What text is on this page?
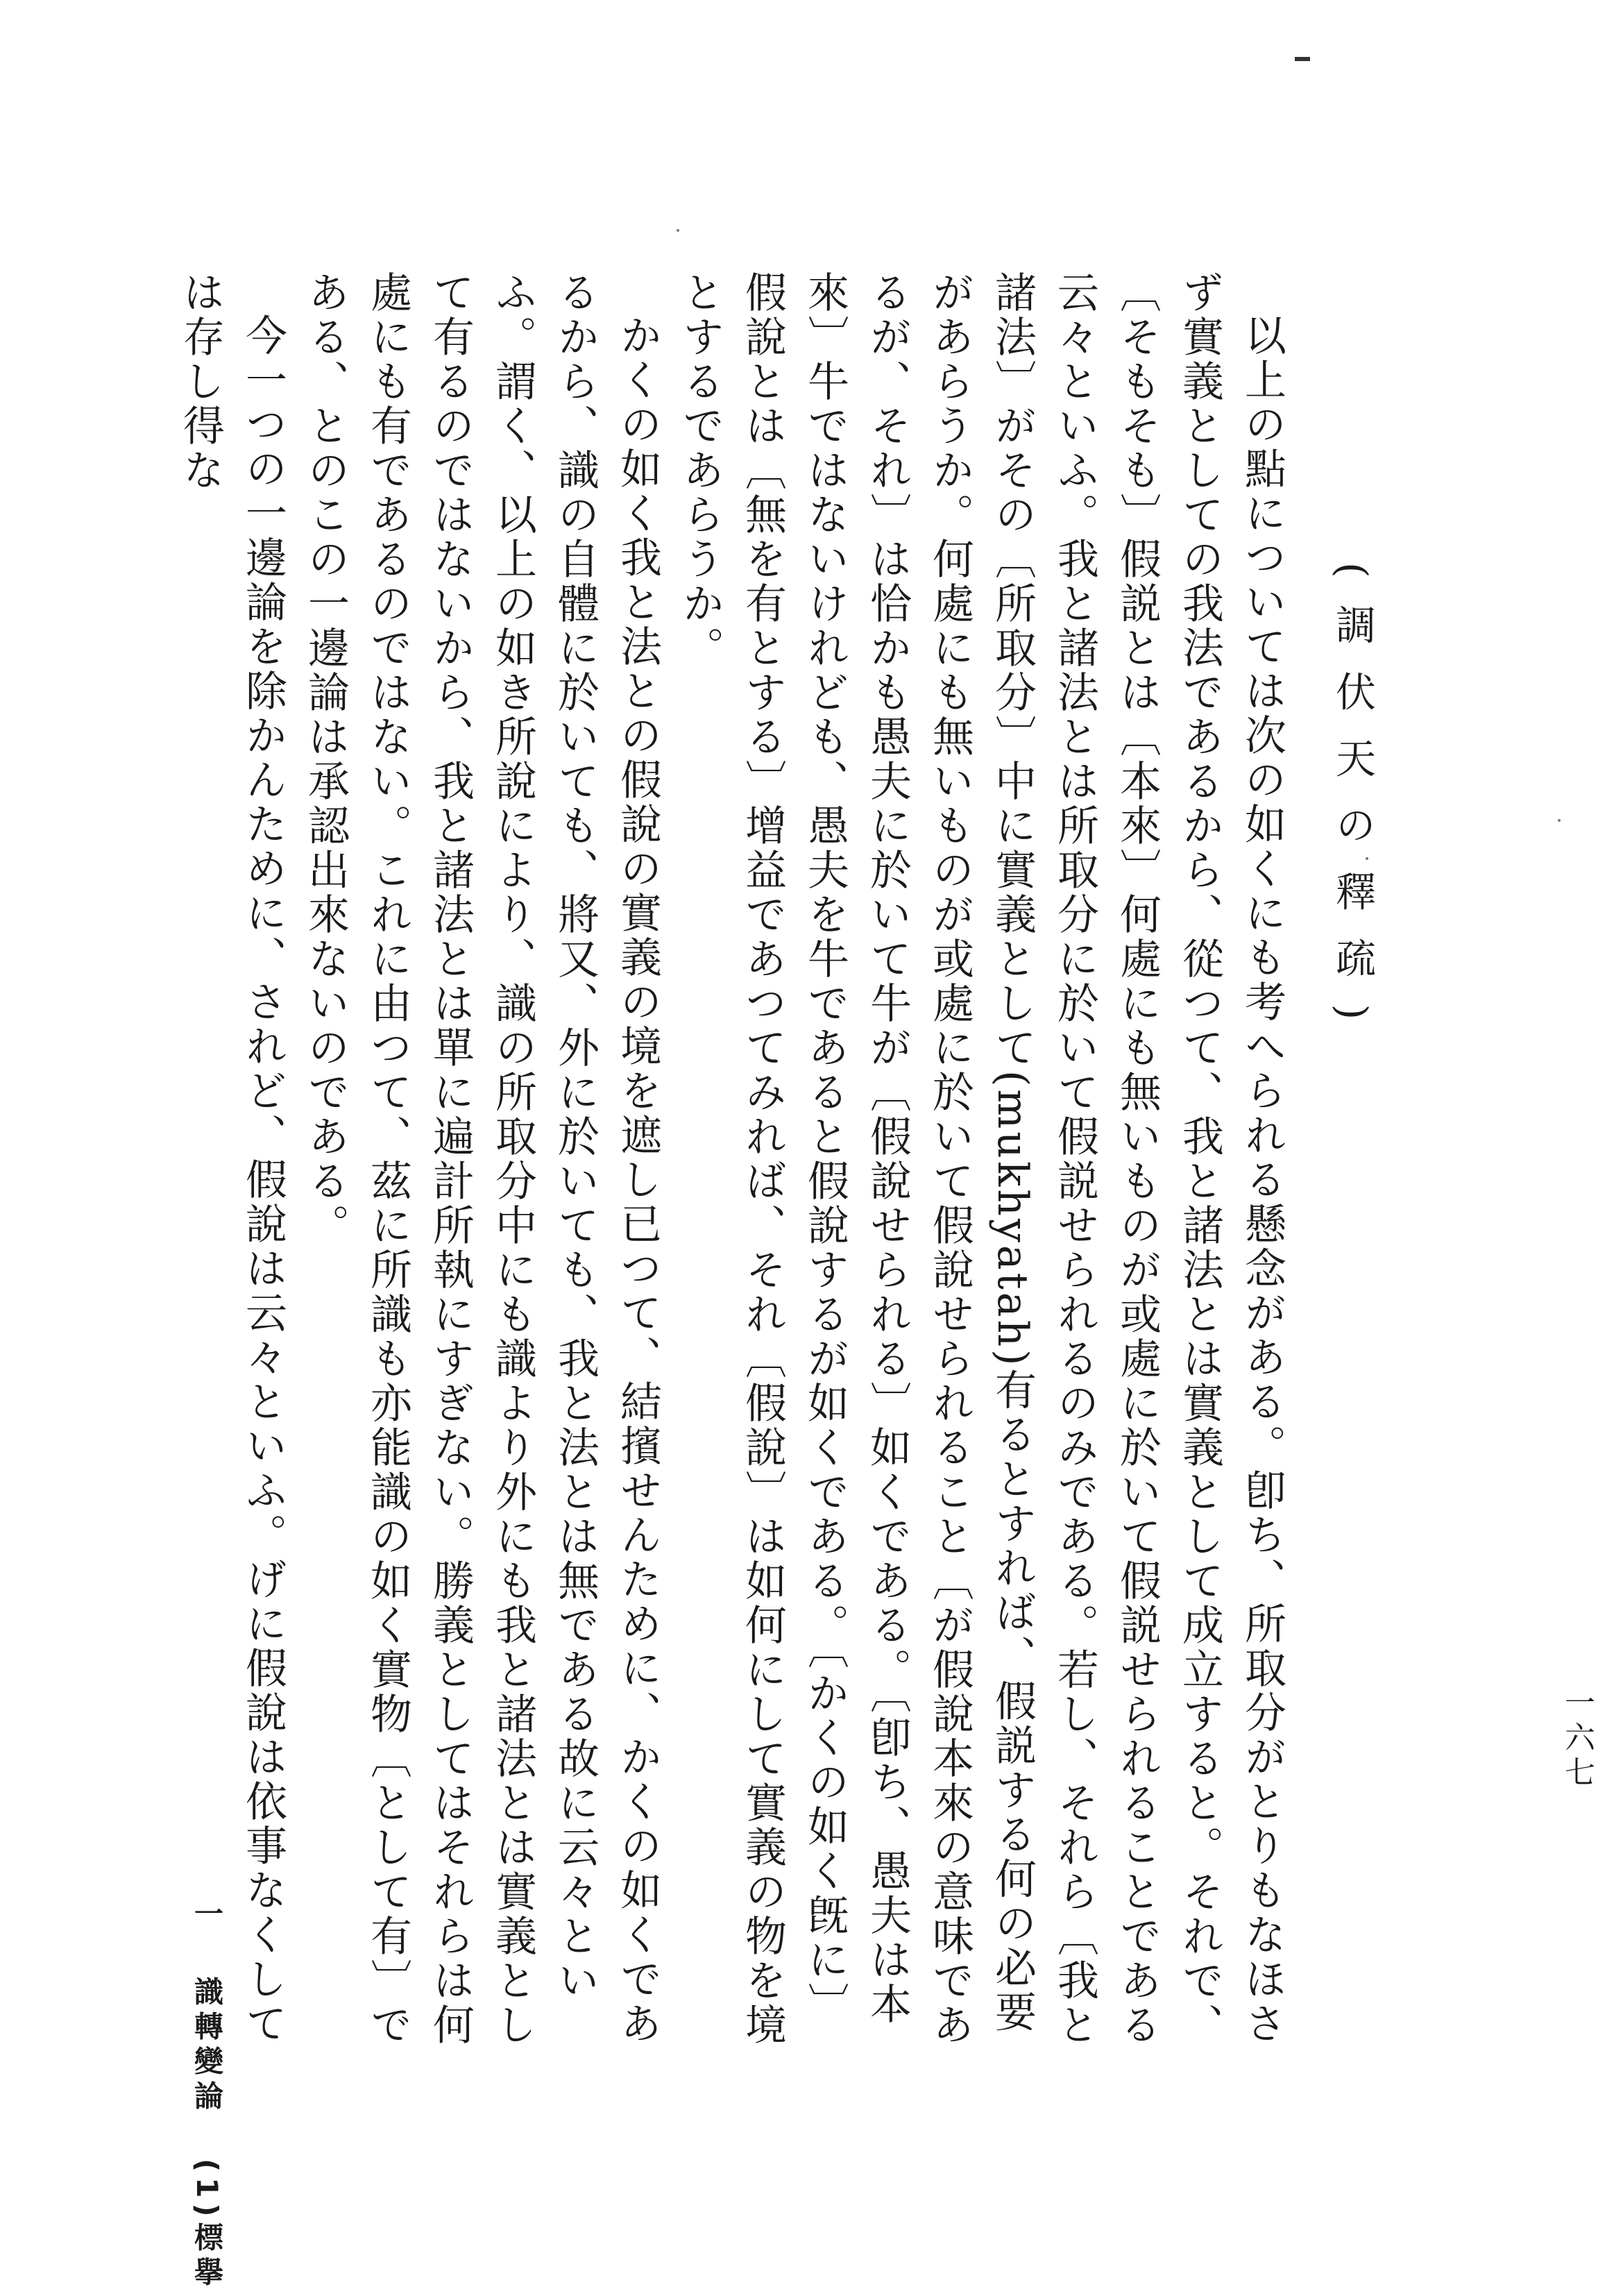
(調伏天の釋疏)

以上の點については次の如くにも考へられる懸念がある。卽ち、所取分がとりもなほさず實義としての我法であるから、從つて、我と諸法とは實義として成立すると。それで、〔そもそも〕假説とは〔本來〕何處にも無いものが或處に於いて假説せられることである云々といふ。我と諸法とは所取分に於いて假説せられるのみである。若し、それら〔我と諸法〕がその〔所取分〕中に實義として(mukhyatah)有るとすれば、假説する何の必要があらうか。何處にも無いものが或處に於いて假說せられること〔が假說本來の意味であるが、それ〕は恰かも愚夫に於いて牛が〔假說せられる〕如くである。〔卽ち、愚夫は本來〕牛ではないけれども、愚夫を牛であると假說するが如くである。〔かくの如く旣に〕假說とは〔無を有とする〕增益であつてみれば、それ〔假說〕は如何にして實義の物を境とするであらうか。

かくの如く我と法との假說の實義の境を遮し已つて、結擯せんために、かくの如くであるから、識の自體に於いても、將又、外に於いても、我と法とは無である故に云々といふ。謂く、以上の如き所說により、識の所取分中にも識より外にも我と諸法とは實義として有るのではないから、我と諸法とは單に遍計所執にすぎない。勝義としてはそれらは何處にも有であるのではない。これに由つて、茲に所識も亦能識の如く實物〔として有〕である、とのこの一邊論は承認出來ないのである。

今一つの一邊論を除かんために、されど、假說は云々といふ。げに假說は依事なくしては存し得な

一 識轉變論 (1)標擧
一六七
